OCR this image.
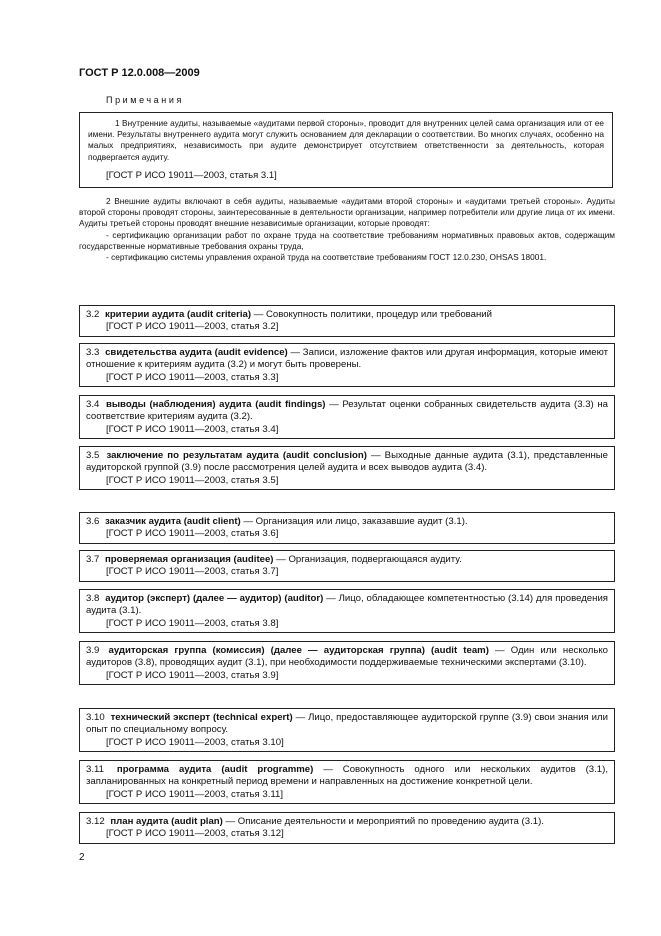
ГОСТ Р 12.0.008—2009
Примечания

1 Внутренние аудиты, называемые «аудитами первой стороны», проводит для внутренних целей сама организация или от ее имени. Результаты внутреннего аудита могут служить основанием для декларации о соответствии. Во многих случаях, особенно на малых предприятиях, независимость при аудите демонстрирует отсутствием ответственности за деятельность, которая подвергается аудиту.

[ГОСТ Р ИСО 19011—2003, статья 3.1]

2 Внешние аудиты включают в себя аудиты, называемые «аудитами второй стороны» и «аудитами третьей стороны». Аудиты второй стороны проводят стороны, заинтересованные в деятельности организации, например потребители или другие лица от их имени. Аудиты третьей стороны проводят внешние независимые организации, которые проводят:

- сертификацию организации работ по охране труда на соответствие требованиям нормативных правовых актов, содержащим государственные нормативные требования охраны труда,

- сертификацию системы управления охраной труда на соответствие требованиям ГОСТ 12.0.230, OHSAS 18001.

3.2 критерии аудита (audit criteria) — Совокупность политики, процедур или требований
[ГОСТ Р ИСО 19011—2003, статья 3.2]
3.3 свидетельства аудита (audit evidence) — Записи, изложение фактов или другая информация, которые имеют отношение к критериям аудита (3.2) и могут быть проверены.
[ГОСТ Р ИСО 19011—2003, статья 3.3]
3.4 выводы (наблюдения) аудита (audit findings) — Результат оценки собранных свидетельств аудита (3.3) на соответствие критериям аудита (3.2).
[ГОСТ Р ИСО 19011—2003, статья 3.4]
3.5 заключение по результатам аудита (audit conclusion) — Выходные данные аудита (3.1), представленные аудиторской группой (3.9) после рассмотрения целей аудита и всех выводов аудита (3.4).
[ГОСТ Р ИСО 19011—2003, статья 3.5]
3.6 заказчик аудита (audit client) — Организация или лицо, заказавшие аудит (3.1).
[ГОСТ Р ИСО 19011—2003, статья 3.6]
3.7 проверяемая организация (auditee) — Организация, подвергающаяся аудиту.
[ГОСТ Р ИСО 19011—2003, статья 3.7]
3.8 аудитор (эксперт) (далее — аудитор) (auditor) — Лицо, обладающее компетентностью (3.14) для проведения аудита (3.1).
[ГОСТ Р ИСО 19011—2003, статья 3.8]
3.9 аудиторская группа (комиссия) (далее — аудиторская группа) (audit team) — Один или несколько аудиторов (3.8), проводящих аудит (3.1), при необходимости поддерживаемые техническими экспертами (3.10).
[ГОСТ Р ИСО 19011—2003, статья 3.9]
3.10 технический эксперт (technical expert) — Лицо, предоставляющее аудиторской группе (3.9) свои знания или опыт по специальному вопросу.
[ГОСТ Р ИСО 19011—2003, статья 3.10]
3.11 программа аудита (audit programme) — Совокупность одного или нескольких аудитов (3.1), запланированных на конкретный период времени и направленных на достижение конкретной цели.
[ГОСТ Р ИСО 19011—2003, статья 3.11]
3.12 план аудита (audit plan) — Описание деятельности и мероприятий по проведению аудита (3.1).
[ГОСТ Р ИСО 19011—2003, статья 3.12]
2
